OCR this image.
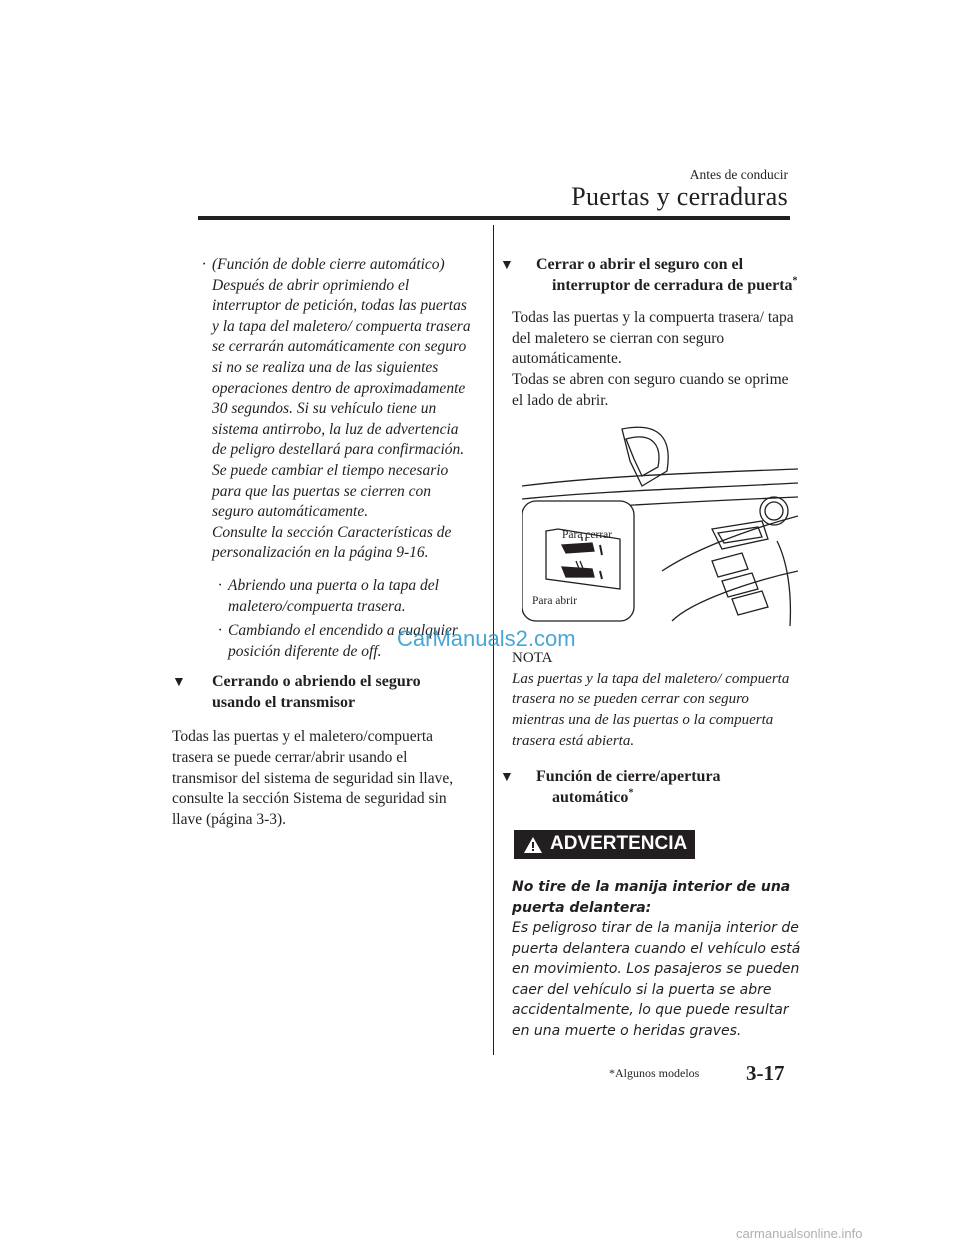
Antes de conducir
Puertas y cerraduras
· (Función de doble cierre automático)
Después de abrir oprimiendo el interruptor de petición, todas las puertas y la tapa del maletero/ compuerta trasera se cerrarán automáticamente con seguro si no se realiza una de las siguientes operaciones dentro de aproximadamente 30 segundos. Si su vehículo tiene un sistema antirrobo, la luz de advertencia de peligro destellará para confirmación. Se puede cambiar el tiempo necesario para que las puertas se cierren con seguro automáticamente.
Consulte la sección Características de personalización en la página 9-16.
· Abriendo una puerta o la tapa del maletero/compuerta trasera.
· Cambiando el encendido a cualquier posición diferente de off.
▼ Cerrando o abriendo el seguro usando el transmisor

Todas las puertas y el maletero/compuerta trasera se puede cerrar/abrir usando el transmisor del sistema de seguridad sin llave, consulte la sección Sistema de seguridad sin llave (página 3-3).

▼ Cerrar o abrir el seguro con el interruptor de cerradura de puerta*

Todas las puertas y la compuerta trasera/ tapa del maletero se cierran con seguro automáticamente.

Todas se abren con seguro cuando se oprime el lado de abrir.

Para cerrar
Para abrir
NOTA

Las puertas y la tapa del maletero/ compuerta trasera no se pueden cerrar con seguro mientras una de las puertas o la compuerta trasera está abierta.

▼ Función de cierre/apertura automático*
ADVERTENCIA
No tire de la manija interior de una puerta delantera:
Es peligroso tirar de la manija interior de puerta delantera cuando el vehículo está en movimiento. Los pasajeros se pueden caer del vehículo si la puerta se abre accidentalmente, lo que puede resultar en una muerte o heridas graves.
*Algunos modelos 3-17
CarManuals2.com
carmanualsonline.info
